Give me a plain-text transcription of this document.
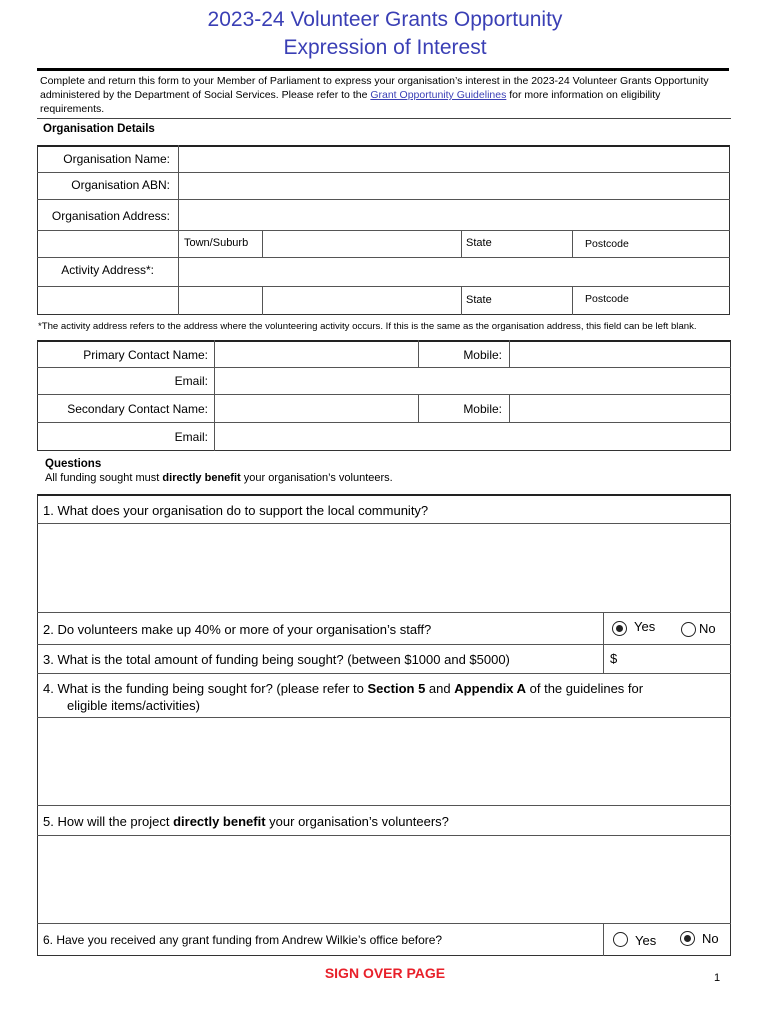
2023-24 Volunteer Grants Opportunity
Expression of Interest
Complete and return this form to your Member of Parliament to express your organisation’s interest in the 2023-24 Volunteer Grants Opportunity administered by the Department of Social Services. Please refer to the Grant Opportunity Guidelines for more information on eligibility requirements.
Organisation Details
Organisation Name:
Organisation ABN:
Organisation Address:
Town/Suburb	State	Postcode
Activity Address*:
State	Postcode
*The activity address refers to the address where the volunteering activity occurs. If this is the same as the organisation address, this field can be left blank.
Primary Contact Name:	Mobile:
Email:
Secondary Contact Name:	Mobile:
Email:
Questions
All funding sought must directly benefit your organisation’s volunteers.
1. What does your organisation do to support the local community?
2. Do volunteers make up 40% or more of your organisation’s staff?	Yes	No
3. What is the total amount of funding being sought? (between $1000 and $5000)	$
4. What is the funding being sought for? (please refer to Section 5 and Appendix A of the guidelines for
eligible items/activities)
5. How will the project directly benefit your organisation’s volunteers?
6. Have you received any grant funding from Andrew Wilkie’s office before?	Yes	No
SIGN OVER PAGE	1
